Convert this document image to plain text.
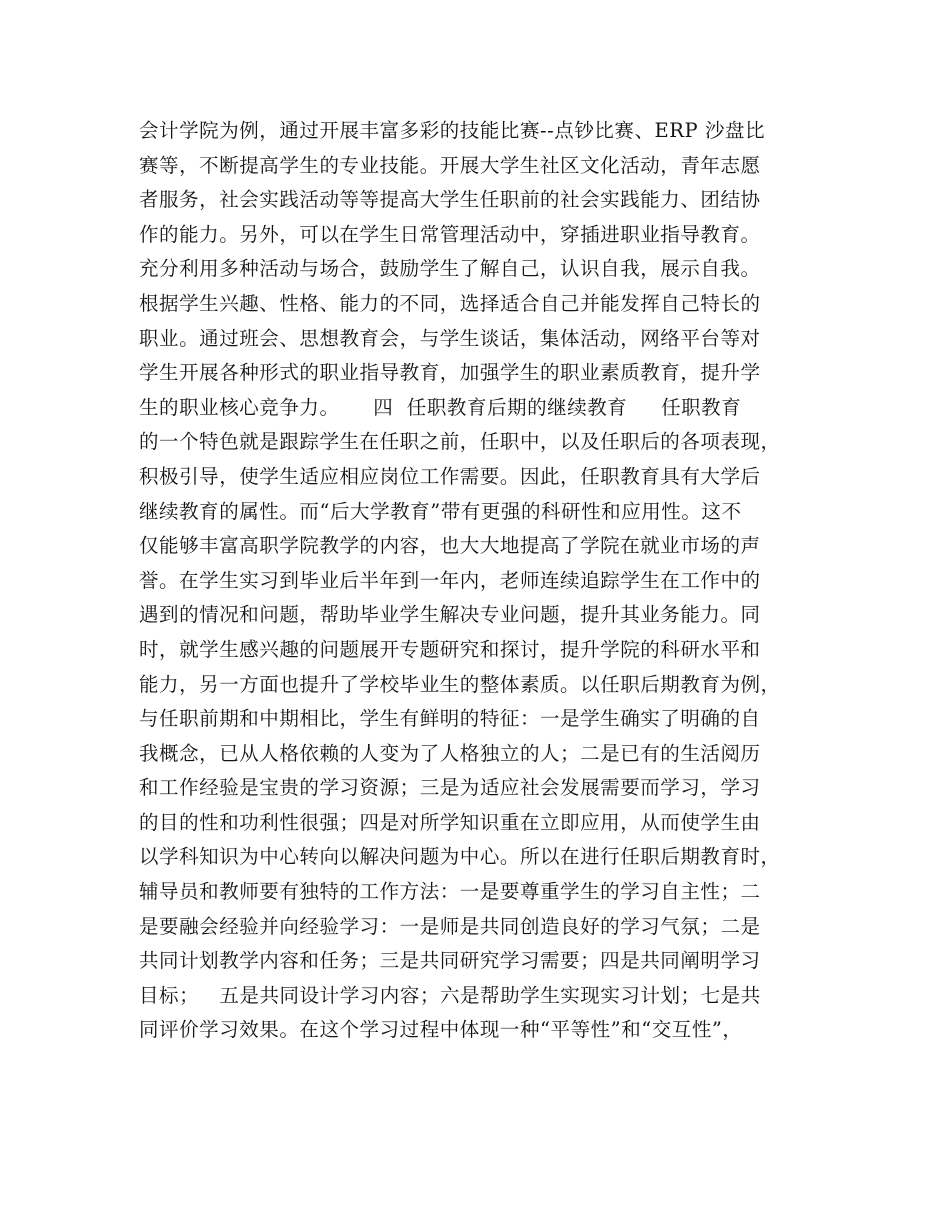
会计学院为例，通过开展丰富多彩的技能比赛--点钞比赛、ERP 沙盘比
赛等，不断提高学生的专业技能。开展大学生社区文化活动，青年志愿
者服务，社会实践活动等等提高大学生任职前的社会实践能力、团结协
作的能力。另外，可以在学生日常管理活动中，穿插进职业指导教育。
充分利用多种活动与场合，鼓励学生了解自己，认识自我，展示自我。
根据学生兴趣、性格、能力的不同，选择适合自己并能发挥自己特长的
职业。通过班会、思想教育会，与学生谈话，集体活动，网络平台等对
学生开展各种形式的职业指导教育，加强学生的职业素质教育，提升学
生的职业核心竞争力。     四  任职教育后期的继续教育     任职教育
的一个特色就是跟踪学生在任职之前，任职中，以及任职后的各项表现，
积极引导，使学生适应相应岗位工作需要。因此，任职教育具有大学后
继续教育的属性。而“后大学教育”带有更强的科研性和应用性。这不
仅能够丰富高职学院教学的内容，也大大地提高了学院在就业市场的声
誉。在学生实习到毕业后半年到一年内，老师连续追踪学生在工作中的
遇到的情况和问题，帮助毕业学生解决专业问题，提升其业务能力。同
时，就学生感兴趣的问题展开专题研究和探讨，提升学院的科研水平和
能力，另一方面也提升了学校毕业生的整体素质。以任职后期教育为例，
与任职前期和中期相比，学生有鲜明的特征：一是学生确实了明确的自
我概念，已从人格依赖的人变为了人格独立的人；二是已有的生活阅历
和工作经验是宝贵的学习资源；三是为适应社会发展需要而学习，学习
的目的性和功利性很强；四是对所学知识重在立即应用，从而使学生由
以学科知识为中心转向以解决问题为中心。所以在进行任职后期教育时，
辅导员和教师要有独特的工作方法：一是要尊重学生的学习自主性；二
是要融会经验并向经验学习：一是师是共同创造良好的学习气氛；二是
共同计划教学内容和任务；三是共同研究学习需要；四是共同阐明学习
目标；   五是共同设计学习内容；六是帮助学生实现实习计划；七是共
同评价学习效果。在这个学习过程中体现一种“平等性”和“交互性”，
